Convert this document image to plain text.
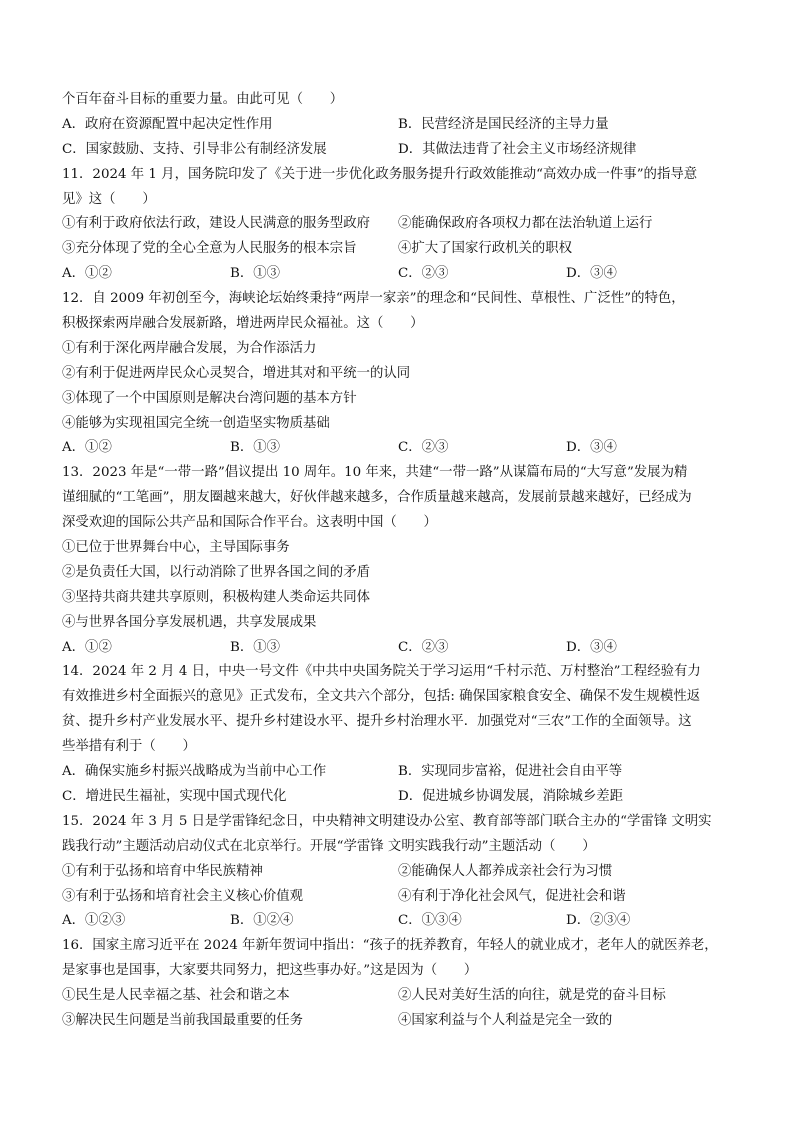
个百年奋斗目标的重要力量。由此可见（　　）
A．政府在资源配置中起决定性作用	B．民营经济是国民经济的主导力量
C．国家鼓励、支持、引导非公有制经济发展	D．其做法违背了社会主义市场经济规律
11．2024 年 1 月，国务院印发了《关于进一步优化政务服务提升行政效能推动“高效办成一件事”的指导意
见》这（　　）
①有利于政府依法行政，建设人民满意的服务型政府	②能确保政府各项权力都在法治轨道上运行
③充分体现了党的全心全意为人民服务的根本宗旨	④扩大了国家行政机关的职权
A．①②	B．①③	C．②③	D．③④
12．自 2009 年初创至今，海峡论坛始终秉持“两岸一家亲”的理念和“民间性、草根性、广泛性”的特色，
积极探索两岸融合发展新路，增进两岸民众福祉。这（　　）
①有利于深化两岸融合发展，为合作添活力
②有利于促进两岸民众心灵契合，增进其对和平统一的认同
③体现了一个中国原则是解决台湾问题的基本方针
④能够为实现祖国完全统一创造坚实物质基础
A．①②	B．①③	C．②③	D．③④
13．2023 年是“一带一路”倡议提出 10 周年。10 年来，共建“一带一路”从谋篇布局的“大写意”发展为精
谨细腻的“工笔画”，朋友圈越来越大，好伙伴越来越多，合作质量越来越高，发展前景越来越好，已经成为
深受欢迎的国际公共产品和国际合作平台。这表明中国（　　）
①已位于世界舞台中心，主导国际事务
②是负责任大国，以行动消除了世界各国之间的矛盾
③坚持共商共建共享原则，积极构建人类命运共同体
④与世界各国分享发展机遇，共享发展成果
A．①②	B．①③	C．②③	D．③④
14．2024 年 2 月 4 日，中央一号文件《中共中央国务院关于学习运用“千村示范、万村整治”工程经验有力
有效推进乡村全面振兴的意见》正式发布，全文共六个部分，包括: 确保国家粮食安全、确保不发生规模性返
贫、提升乡村产业发展水平、提升乡村建设水平、提升乡村治理水平．加强党对“三农”工作的全面领导。这
些举措有利于（　　）
A．确保实施乡村振兴战略成为当前中心工作	B．实现同步富裕，促进社会自由平等
C．增进民生福祉，实现中国式现代化	D．促进城乡协调发展，消除城乡差距
15．2024 年 3 月 5 日是学雷锋纪念日，中央精神文明建设办公室、教育部等部门联合主办的“学雷锋 文明实
践我行动”主题活动启动仪式在北京举行。开展“学雷锋 文明实践我行动”主题活动（　　）
①有利于弘扬和培育中华民族精神	②能确保人人都养成亲社会行为习惯
③有利于弘扬和培育社会主义核心价值观	④有利于净化社会风气，促进社会和谐
A．①②③	B．①②④	C．①③④	D．②③④
16．国家主席习近平在 2024 年新年贺词中指出：“孩子的抚养教育，年轻人的就业成才，老年人的就医养老，
是家事也是国事，大家要共同努力，把这些事办好。”这是因为（　　）
①民生是人民幸福之基、社会和谐之本	②人民对美好生活的向往，就是党的奋斗目标
③解决民生问题是当前我国最重要的任务	④国家利益与个人利益是完全一致的
